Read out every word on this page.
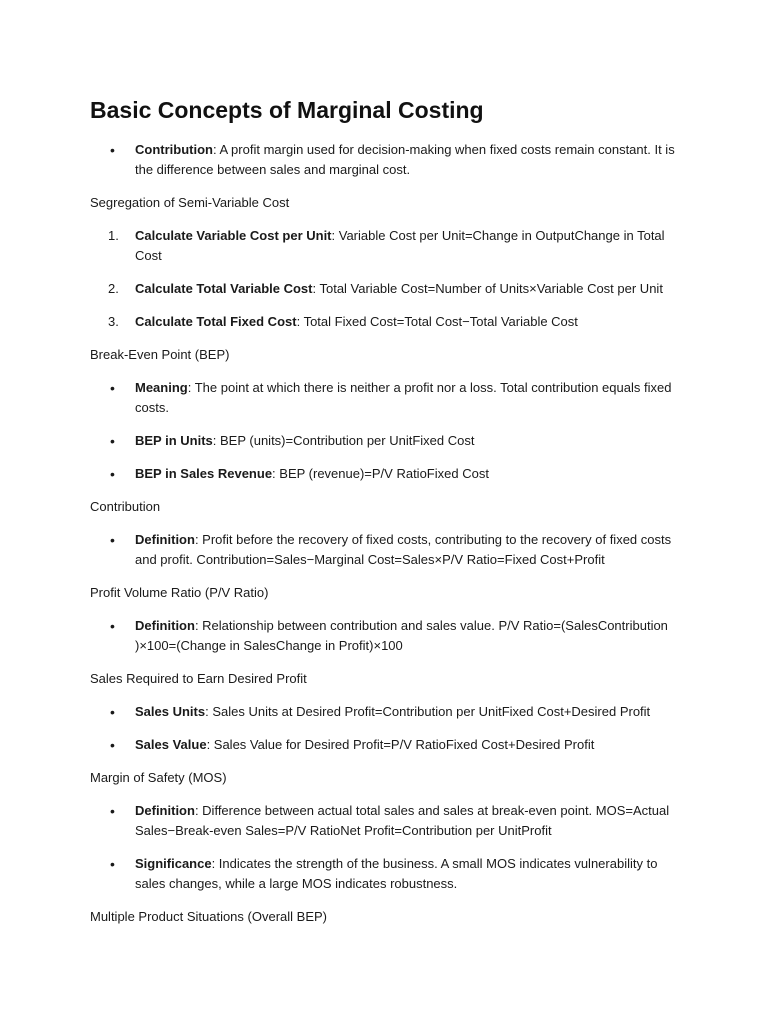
Basic Concepts of Marginal Costing
•	Contribution: A profit margin used for decision-making when fixed costs remain constant. It is the difference between sales and marginal cost.

Segregation of Semi-Variable Cost

1.	Calculate Variable Cost per Unit: Variable Cost per Unit=Change in OutputChange in Total Cost
2.	Calculate Total Variable Cost: Total Variable Cost=Number of Units×Variable Cost per Unit
3.	Calculate Total Fixed Cost: Total Fixed Cost=Total Cost−Total Variable Cost

Break-Even Point (BEP)

•	Meaning: The point at which there is neither a profit nor a loss. Total contribution equals fixed costs.
•	BEP in Units: BEP (units)=Contribution per UnitFixed Cost
•	BEP in Sales Revenue: BEP (revenue)=P/V RatioFixed Cost

Contribution

•	Definition: Profit before the recovery of fixed costs, contributing to the recovery of fixed costs and profit. Contribution=Sales−Marginal Cost=Sales×P/V Ratio=Fixed Cost+Profit

Profit Volume Ratio (P/V Ratio)

•	Definition: Relationship between contribution and sales value. P/V Ratio=(SalesContribution )×100=(Change in SalesChange in Profit)×100

Sales Required to Earn Desired Profit

•	Sales Units: Sales Units at Desired Profit=Contribution per UnitFixed Cost+Desired Profit
•	Sales Value: Sales Value for Desired Profit=P/V RatioFixed Cost+Desired Profit

Margin of Safety (MOS)

•	Definition: Difference between actual total sales and sales at break-even point. MOS=Actual Sales−Break-even Sales=P/V RatioNet Profit=Contribution per UnitProfit
•	Significance: Indicates the strength of the business. A small MOS indicates vulnerability to sales changes, while a large MOS indicates robustness.

Multiple Product Situations (Overall BEP)
